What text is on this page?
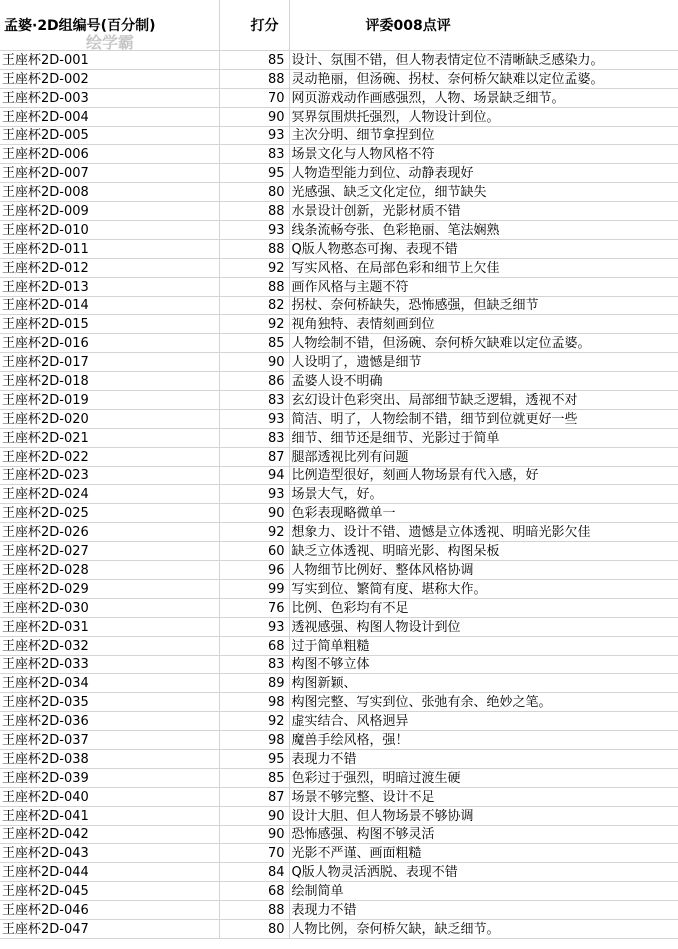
孟婆·2D组编号(百分制)	打分	评委008点评
王座杯2D-001	85	设计、氛围不错，但人物表情定位不清晰缺乏感染力。
王座杯2D-002	88	灵动艳丽，但汤碗、拐杖、奈何桥欠缺难以定位孟婆。
王座杯2D-003	70	网页游戏动作画感强烈，人物、场景缺乏细节。
王座杯2D-004	90	冥界氛围烘托强烈，人物设计到位。
王座杯2D-005	93	主次分明、细节拿捏到位
王座杯2D-006	83	场景文化与人物风格不符
王座杯2D-007	95	人物造型能力到位、动静表现好
王座杯2D-008	80	光感强、缺乏文化定位，细节缺失
王座杯2D-009	88	水景设计创新，光影材质不错
王座杯2D-010	93	线条流畅夸张、色彩艳丽、笔法娴熟
王座杯2D-011	88	Q版人物憨态可掬、表现不错
王座杯2D-012	92	写实风格、在局部色彩和细节上欠佳
王座杯2D-013	88	画作风格与主题不符
王座杯2D-014	82	拐杖、奈何桥缺失，恐怖感强，但缺乏细节
王座杯2D-015	92	视角独特、表情刻画到位
王座杯2D-016	85	人物绘制不错，但汤碗、奈何桥欠缺难以定位孟婆。
王座杯2D-017	90	人设明了，遗憾是细节
王座杯2D-018	86	孟婆人设不明确
王座杯2D-019	83	玄幻设计色彩突出、局部细节缺乏逻辑，透视不对
王座杯2D-020	93	简洁、明了，人物绘制不错，细节到位就更好一些
王座杯2D-021	83	细节、细节还是细节、光影过于简单
王座杯2D-022	87	腿部透视比列有问题
王座杯2D-023	94	比例造型很好，刻画人物场景有代入感，好
王座杯2D-024	93	场景大气，好。
王座杯2D-025	90	色彩表现略微单一
王座杯2D-026	92	想象力、设计不错、遗憾是立体透视、明暗光影欠佳
王座杯2D-027	60	缺乏立体透视、明暗光影、构图呆板
王座杯2D-028	96	人物细节比例好、整体风格协调
王座杯2D-029	99	写实到位、繁简有度、堪称大作。
王座杯2D-030	76	比例、色彩均有不足
王座杯2D-031	93	透视感强、构图人物设计到位
王座杯2D-032	68	过于简单粗糙
王座杯2D-033	83	构图不够立体
王座杯2D-034	89	构图新颖、
王座杯2D-035	98	构图完整、写实到位、张弛有余、绝妙之笔。
王座杯2D-036	92	虚实结合、风格迥异
王座杯2D-037	98	魔兽手绘风格，强！
王座杯2D-038	95	表现力不错
王座杯2D-039	85	色彩过于强烈，明暗过渡生硬
王座杯2D-040	87	场景不够完整、设计不足
王座杯2D-041	90	设计大胆、但人物场景不够协调
王座杯2D-042	90	恐怖感强、构图不够灵活
王座杯2D-043	70	光影不严谨、画面粗糙
王座杯2D-044	84	Q版人物灵活洒脱、表现不错
王座杯2D-045	68	绘制简单
王座杯2D-046	88	表现力不错
王座杯2D-047	80	人物比例，奈何桥欠缺，缺乏细节。
绘学霸
